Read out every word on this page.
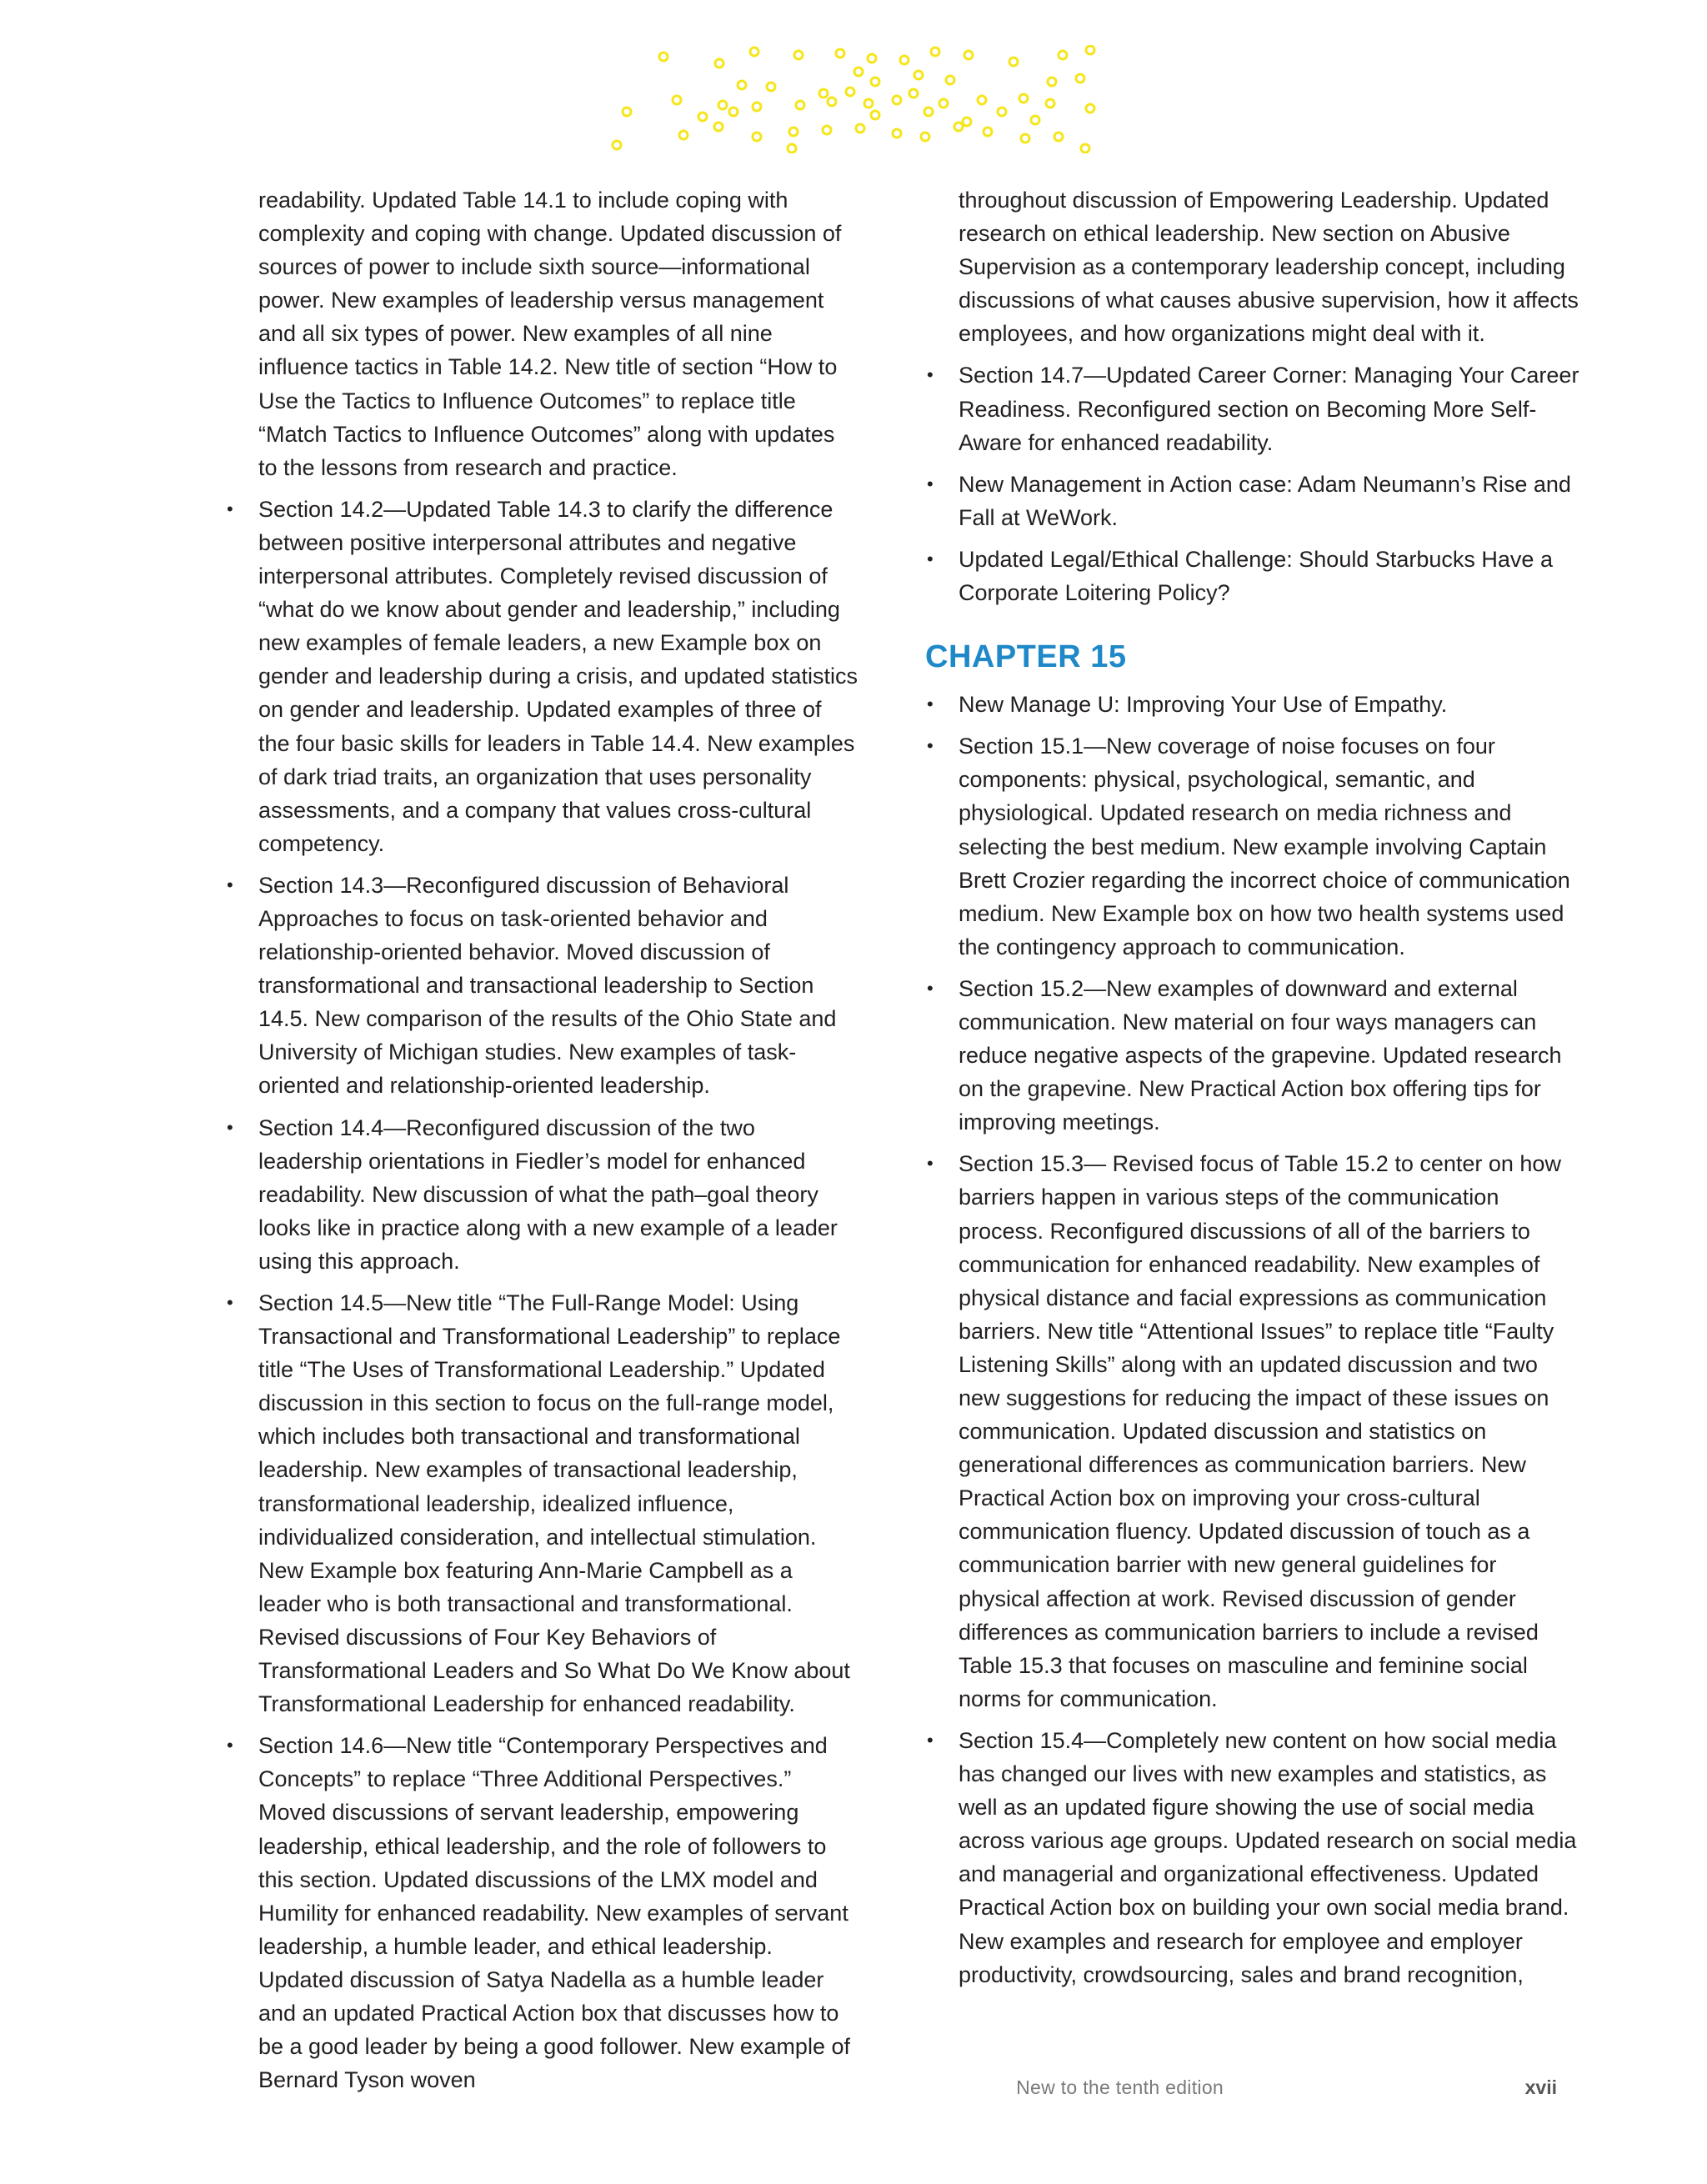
readability. Updated Table 14.1 to include coping with complexity and coping with change. Updated discussion of sources of power to include sixth source—informational power. New examples of leadership versus management and all six types of power. New examples of all nine influence tactics in Table 14.2. New title of section “How to Use the Tactics to Influence Outcomes” to replace title “Match Tactics to Influence Outcomes” along with updates to the lessons from research and practice.

• Section 14.2—Updated Table 14.3 to clarify the difference between positive interpersonal attributes and negative interpersonal attributes. Completely revised discussion of “what do we know about gender and leadership,” including new examples of female leaders, a new Example box on gender and leadership during a crisis, and updated statistics on gender and leadership. Updated examples of three of the four basic skills for leaders in Table 14.4. New examples of dark triad traits, an organization that uses personality assessments, and a company that values cross-cultural competency.
• Section 14.3—Reconfigured discussion of Behavioral Approaches to focus on task-oriented behavior and relationship-oriented behavior. Moved discussion of transformational and transactional leadership to Section 14.5. New comparison of the results of the Ohio State and University of Michigan studies. New examples of task-oriented and relationship-oriented leadership.
• Section 14.4—Reconfigured discussion of the two leadership orientations in Fiedler’s model for enhanced readability. New discussion of what the path–goal theory looks like in practice along with a new example of a leader using this approach.
• Section 14.5—New title “The Full-Range Model: Using Transactional and Transformational Leadership” to replace title “The Uses of Transformational Leadership.” Updated discussion in this section to focus on the full-range model, which includes both transactional and transformational leadership. New examples of transactional leadership, transformational leadership, idealized influence, individualized consideration, and intellectual stimulation. New Example box featuring Ann-Marie Campbell as a leader who is both transactional and transformational. Revised discussions of Four Key Behaviors of Transformational Leaders and So What Do We Know about Transformational Leadership for enhanced readability.
• Section 14.6—New title “Contemporary Perspectives and Concepts” to replace “Three Additional Perspectives.” Moved discussions of servant leadership, empowering leadership, ethical leadership, and the role of followers to this section. Updated discussions of the LMX model and Humility for enhanced readability. New examples of servant leadership, a humble leader, and ethical leadership. Updated discussion of Satya Nadella as a humble leader and an updated Practical Action box that discusses how to be a good leader by being a good follower. New example of Bernard Tyson woven

throughout discussion of Empowering Leadership. Updated research on ethical leadership. New section on Abusive Supervision as a contemporary leadership concept, including discussions of what causes abusive supervision, how it affects employees, and how organizations might deal with it.

• Section 14.7—Updated Career Corner: Managing Your Career Readiness. Reconfigured section on Becoming More Self-Aware for enhanced readability.
• New Management in Action case: Adam Neumann’s Rise and Fall at WeWork.
• Updated Legal/Ethical Challenge: Should Starbucks Have a Corporate Loitering Policy?
CHAPTER 15
• New Manage U: Improving Your Use of Empathy.
• Section 15.1—New coverage of noise focuses on four components: physical, psychological, semantic, and physiological. Updated research on media richness and selecting the best medium. New example involving Captain Brett Crozier regarding the incorrect choice of communication medium. New Example box on how two health systems used the contingency approach to communication.
• Section 15.2—New examples of downward and external communication. New material on four ways managers can reduce negative aspects of the grapevine. Updated research on the grapevine. New Practical Action box offering tips for improving meetings.
• Section 15.3— Revised focus of Table 15.2 to center on how barriers happen in various steps of the communication process. Reconfigured discussions of all of the barriers to communication for enhanced readability. New examples of physical distance and facial expressions as communication barriers. New title “Attentional Issues” to replace title “Faulty Listening Skills” along with an updated discussion and two new suggestions for reducing the impact of these issues on communication. Updated discussion and statistics on generational differences as communication barriers. New Practical Action box on improving your cross-cultural communication fluency. Updated discussion of touch as a communication barrier with new general guidelines for physical affection at work. Revised discussion of gender differences as communication barriers to include a revised Table 15.3 that focuses on masculine and feminine social norms for communication.
• Section 15.4—Completely new content on how social media has changed our lives with new examples and statistics, as well as an updated figure showing the use of social media across various age groups. Updated research on social media and managerial and organizational effectiveness. Updated Practical Action box on building your own social media brand. New examples and research for employee and employer productivity, crowdsourcing, sales and brand recognition,
New to the tenth edition	xvii
